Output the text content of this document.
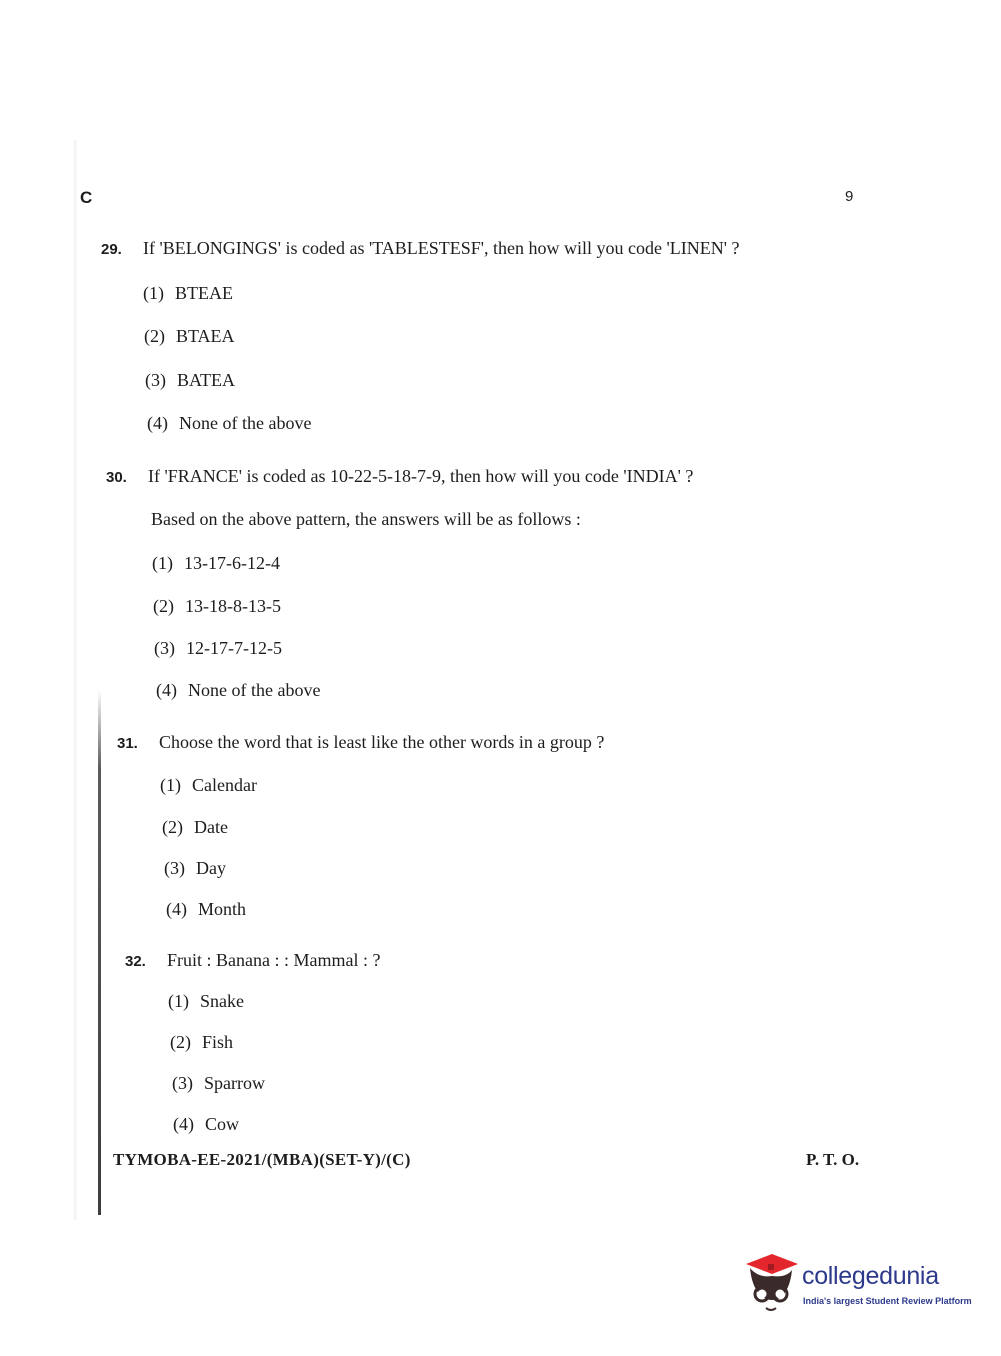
C	9
29. If 'BELONGINGS' is coded as 'TABLESTESF', then how will you code 'LINEN' ?
(1) BTEAE
(2) BTAEA
(3) BATEA
(4) None of the above
30. If 'FRANCE' is coded as 10-22-5-18-7-9, then how will you code 'INDIA' ?
Based on the above pattern, the answers will be as follows :
(1) 13-17-6-12-4
(2) 13-18-8-13-5
(3) 12-17-7-12-5
(4) None of the above
31. Choose the word that is least like the other words in a group ?
(1) Calendar
(2) Date
(3) Day
(4) Month
32. Fruit : Banana : : Mammal : ?
(1) Snake
(2) Fish
(3) Sparrow
(4) Cow
TYMOBA-EE-2021/(MBA)(SET-Y)/(C)	P. T. O.
collegedunia
India's largest Student Review Platform
